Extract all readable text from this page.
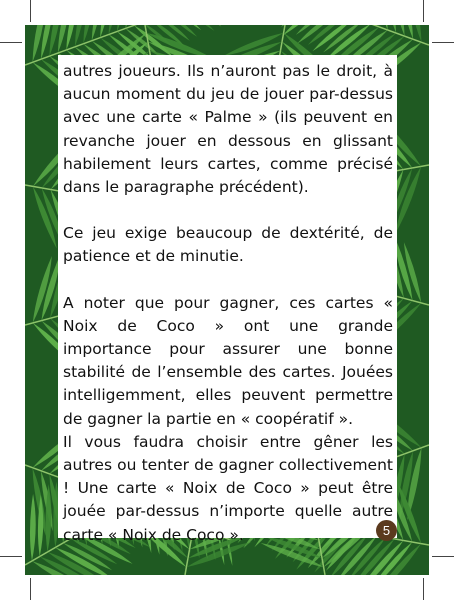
autres joueurs. Ils n’auront pas le droit, à aucun moment du jeu de jouer par-dessus avec une carte « Palme » (ils peuvent en revanche jouer en dessous en glissant habilement leurs cartes, comme précisé dans le paragraphe précédent).

Ce jeu exige beaucoup de dextérité, de patience et de minutie.

A noter que pour gagner, ces cartes « Noix de Coco » ont une grande importance pour assurer une bonne stabilité de l’ensemble des cartes. Jouées intelligemment, elles peuvent permettre de gagner la partie en « coopératif ».

Il vous faudra choisir entre gêner les autres ou tenter de gagner collectivement ! Une carte « Noix de Coco » peut être jouée par-dessus n’importe quelle autre carte « Noix de Coco ».	5
